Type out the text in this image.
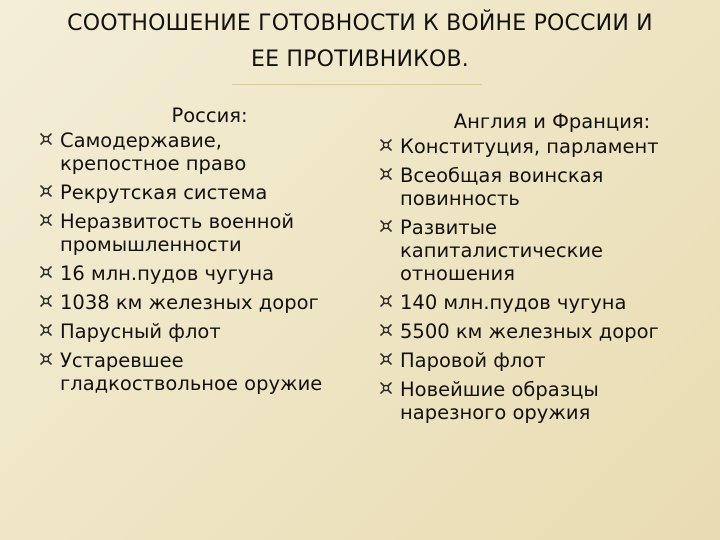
СООТНОШЕНИЕ ГОТОВНОСТИ К ВОЙНЕ РОССИИ И
ЕЕ ПРОТИВНИКОВ.
Россия:
Самодержавие,
крепостное право
Рекрутская система
Неразвитость военной
промышленности
16 млн.пудов чугуна
1038 км железных дорог
Парусный флот
Устаревшее
гладкоствольное оружие
Англия и Франция:
Конституция, парламент
Всеобщая воинская
повинность
Развитые
капиталистические
отношения
140 млн.пудов чугуна
5500 км железных дорог
Паровой флот
Новейшие образцы
нарезного оружия
